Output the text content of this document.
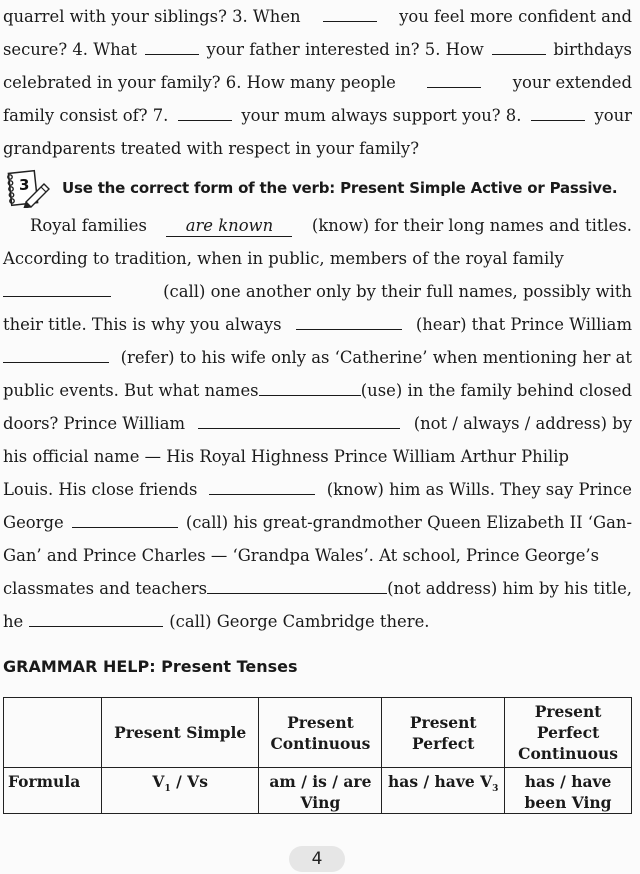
quarrel with your siblings? 3. When	you feel more confident and
secure? 4. What	your father interested in? 5. How	birthdays
celebrated in your family? 6. How many people	your extended
family consist of? 7.	your mum always support you? 8.	your
grandparents treated with respect in your family?
3 Use the correct form of the verb: Present Simple Active or Passive.
Royal families	are known	(know) for their long names and titles.
According to tradition, when in public, members of the royal family
(call) one another only by their full names, possibly with
their title. This is why you always	(hear) that Prince William
(refer) to his wife only as ‘Catherine’ when mentioning her at
public events. But what names	(use) in the family behind closed
doors? Prince William	(not / always / address) by
his official name — His Royal Highness Prince William Arthur Philip
Louis. His close friends	(know) him as Wills. They say Prince
George	(call) his great-grandmother Queen Elizabeth II ‘Gan-
Gan’ and Prince Charles — ‘Grandpa Wales’. At school, Prince George’s
classmates and teachers	(not address) him by his title,
he	(call) George Cambridge there.
GRAMMAR HELP: Present Tenses
	Present Simple	Present Continuous	Present Perfect	Present Perfect Continuous
Formula	$V_1$ / Vs	am / is / are Ving	has / have $V_3$	has / have been Ving
4
